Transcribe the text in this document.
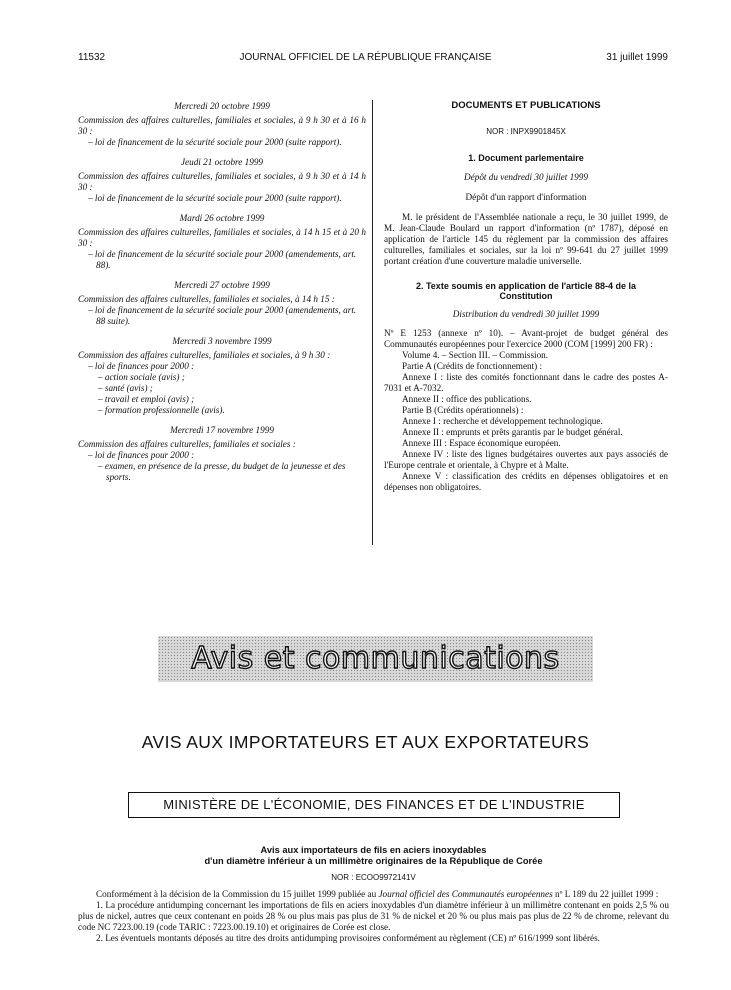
11532	JOURNAL OFFICIEL DE LA RÉPUBLIQUE FRANÇAISE	31 juillet 1999
Mercredi 20 octobre 1999

Commission des affaires culturelles, familiales et sociales, à 9 h 30 et à 16 h 30 :

– loi de financement de la sécurité sociale pour 2000 (suite rapport).

Jeudi 21 octobre 1999

Commission des affaires culturelles, familiales et sociales, à 9 h 30 et à 14 h 30 :

– loi de financement de la sécurité sociale pour 2000 (suite rapport).

Mardi 26 octobre 1999

Commission des affaires culturelles, familiales et sociales, à 14 h 15 et à 20 h 30 :

– loi de financement de la sécurité sociale pour 2000 (amendements, art. 88).

Mercredi 27 octobre 1999

Commission des affaires culturelles, familiales et sociales, à 14 h 15 :

– loi de financement de la sécurité sociale pour 2000 (amendements, art. 88 suite).

Mercredi 3 novembre 1999

Commission des affaires culturelles, familiales et sociales, à 9 h 30 :

– loi de finances pour 2000 :

– action sociale (avis) ;

– santé (avis) ;

– travail et emploi (avis) ;

– formation professionnelle (avis).

Mercredi 17 novembre 1999

Commission des affaires culturelles, familiales et sociales :

– loi de finances pour 2000 :

– examen, en présence de la presse, du budget de la jeunesse et des sports.

DOCUMENTS ET PUBLICATIONS
NOR : INPX9901845X
1. Document parlementaire
Dépôt du vendredi 30 juillet 1999
Dépôt d'un rapport d'information

M. le président de l'Assemblée nationale a reçu, le 30 juillet 1999, de M. Jean-Claude Boulard un rapport d'information (nº 1787), déposé en application de l'article 145 du règlement par la commission des affaires culturelles, familiales et sociales, sur la loi nº 99-641 du 27 juillet 1999 portant création d'une couverture maladie universelle.

2. Texte soumis en application de l'article 88-4 de la Constitution
Distribution du vendredi 30 juillet 1999

Nº E 1253 (annexe nº 10). – Avant-projet de budget général des Communautés européennes pour l'exercice 2000 (COM [1999] 200 FR) :

Volume 4. – Section III. – Commission.

Partie A (Crédits de fonctionnement) :

Annexe I : liste des comités fonctionnant dans le cadre des postes A-7031 et A-7032.

Annexe II : office des publications.

Partie B (Crédits opérationnels) :

Annexe I : recherche et développement technologique.

Annexe II : emprunts et prêts garantis par le budget général.

Annexe III : Espace économique européen.

Annexe IV : liste des lignes budgétaires ouvertes aux pays associés de l'Europe centrale et orientale, à Chypre et à Malte.

Annexe V : classification des crédits en dépenses obligatoires et en dépenses non obligatoires.

Avis et communications
AVIS AUX IMPORTATEURS ET AUX EXPORTATEURS
MINISTÈRE DE L'ÉCONOMIE, DES FINANCES ET DE L'INDUSTRIE
Avis aux importateurs de fils en aciers inoxydables
d'un diamètre inférieur à un millimètre originaires de la République de Corée
NOR : ECOO9972141V

Conformément à la décision de la Commission du 15 juillet 1999 publiée au Journal officiel des Communautés européennes nº L 189 du 22 juillet 1999 :

1. La procédure antidumping concernant les importations de fils en aciers inoxydables d'un diamètre inférieur à un millimètre contenant en poids 2,5 % ou plus de nickel, autres que ceux contenant en poids 28 % ou plus mais pas plus de 31 % de nickel et 20 % ou plus mais pas plus de 22 % de chrome, relevant du code NC 7223.00.19 (code TARIC : 7223.00.19.10) et originaires de Corée est close.

2. Les éventuels montants déposés au titre des droits antidumping provisoires conformément au règlement (CE) nº 616/1999 sont libérés.
